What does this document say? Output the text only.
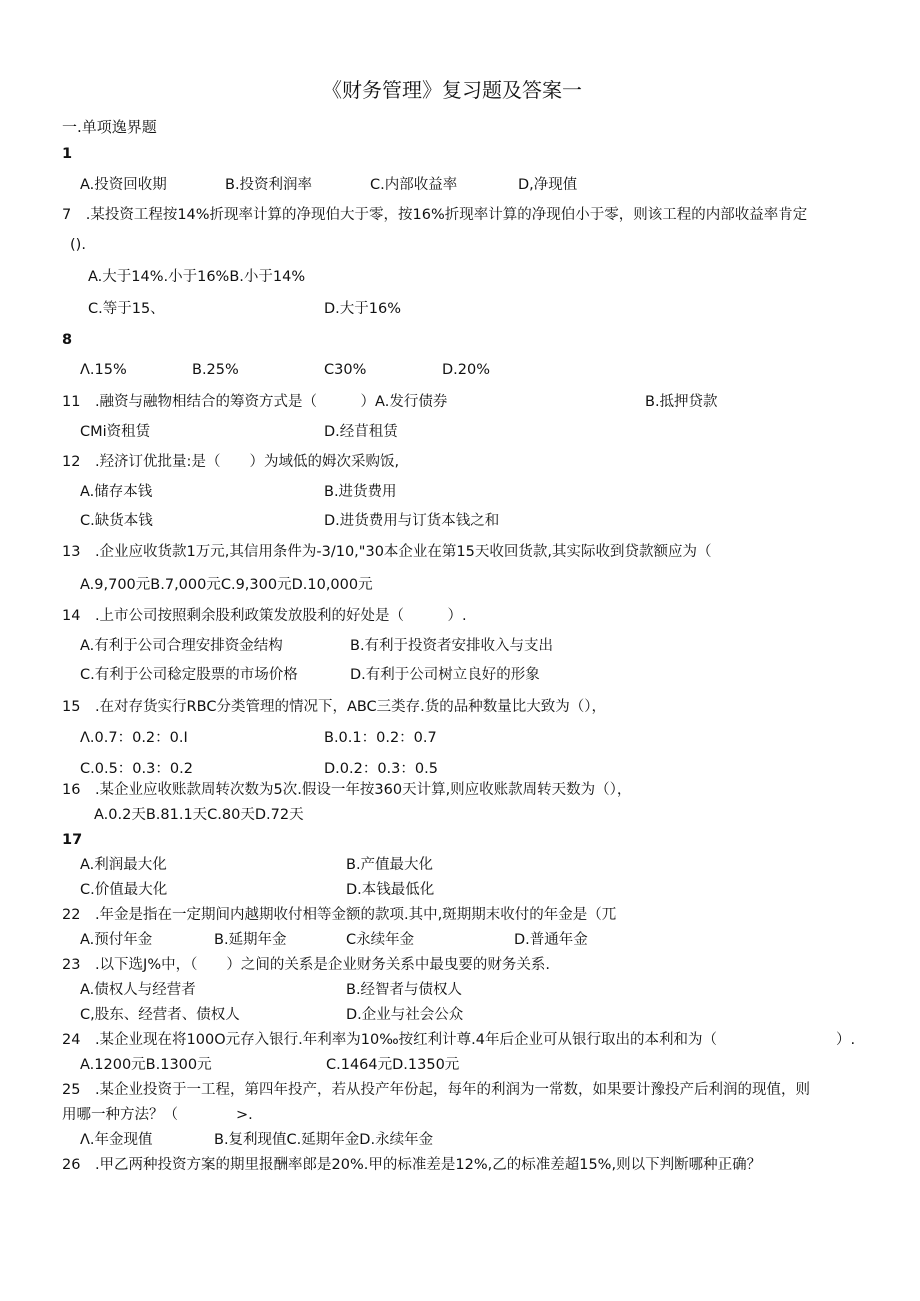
《财务管理》复习题及答案一
一.单项逸界题
1
A.投资回收期	B.投资利润率	C.内部收益率	D,净现值
7　.某投资工程按14%折现率计算的净现伯大于零，按16%折现率计算的净现伯小于零，则该工程的内部收益率肯定
().
A.大于14%.小于16%B.小于14%
C.等于15、	D.大于16%
8
Λ.15%	B.25%	C30%	D.20%
11　.融资与融物相结合的筹资方式是（　　　）A.发行债券	B.抵押贷款
CMi资租赁	D.经苜租赁
12　.羟济订优批量:是（　　）为域低的姆次采购饭,
A.储存本钱	B.进货费用
C.缺货本钱	D.进货费用与订货本钱之和
13　.企业应收货款1万元,其信用条件为-3/10,"30本企业在第15天收回货款,其实际收到贷款额应为（
A.9,700元B.7,000元C.9,300元D.10,000元
14　.上市公司按照剩余股利政策发放股利的好处是（　　　）.
A.有利于公司合理安排资金结构	B.有利于投资者安排收入与支出
C.有利于公司稔定股票的市场价格	D.有利于公司树立良好的形象
15　.在对存货实行RBC分类管理的情况下，ABC三类存.货的品种数量比大致为（），
Λ.0.7：0.2：0.I	B.0.1：0.2：0.7
C.0.5：0.3：0.2	D.0.2：0.3：0.5
16　.某企业应收账款周转次数为5次.假设一年按360天计算,则应收账款周转天数为（），
A.0.2天B.81.1天C.80天D.72天
17
A.利润最大化	B.产值最大化
C.价值最大化	D.本钱最低化
22　.年金是指在一定期间内越期收付相等金额的款项.其中,斑期期末收付的年金是（兀
A.预付年金	B.延期年金	C永续年金	D.普通年金
23　.以下选J%中，（　　）之间的关系是企业财务关系中最曳要的财务关系.
A.债权人与经营者	B.经智者与债权人
C,股东、经营者、债权人	D.企业与社会公众
24　.某企业现在将100O元存入银行.年利率为10‰按红利计尊.4年后企业可从银行取出的本利和为（	）.
A.1200元B.1300元	C.1464元D.1350元
25　.某企业投资于一工程，第四年投产，若从投产年份起，每年的利润为一常数，如果要计豫投产后利润的现值，则
用哪一种方法？（　　　　>.
Λ.年金现值	B.复利现值C.延期年金D.永续年金
26　.甲乙两种投资方案的期里报酬率郎是20%.甲的标准差是12%,乙的标准差超15%,则以下判断哪种正确？
